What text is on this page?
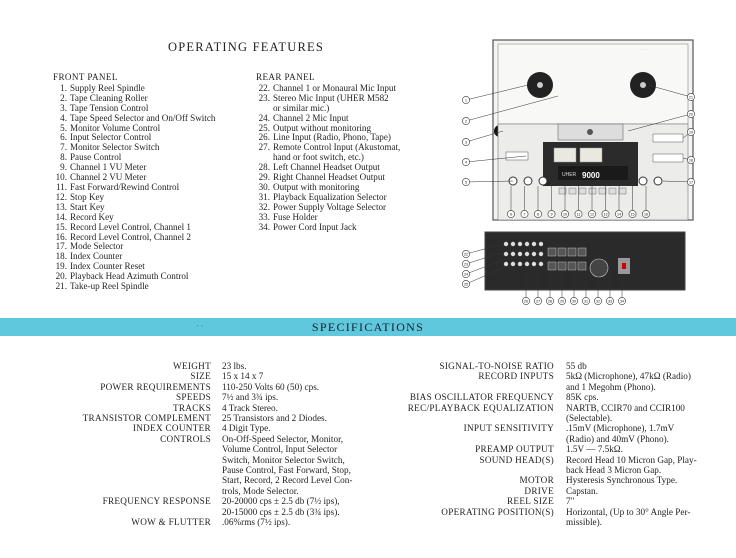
OPERATING FEATURES
FRONT PANEL
1. Supply Reel Spindle
2. Tape Cleaning Roller
3. Tape Tension Control
4. Tape Speed Selector and On/Off Switch
5. Monitor Volume Control
6. Input Selector Control
7. Monitor Selector Switch
8. Pause Control
9. Channel 1 VU Meter
10. Channel 2 VU Meter
11. Fast Forward/Rewind Control
12. Stop Key
13. Start Key
14. Record Key
15. Record Level Control, Channel 1
16. Record Level Control, Channel 2
17. Mode Selector
18. Index Counter
19. Index Counter Reset
20. Playback Head Azimuth Control
21. Take-up Reel Spindle
REAR PANEL
22. Channel 1 or Monaural Mic Input
23. Stereo Mic Input (UHER M582
or similar mic.)
24. Channel 2 Mic Input
25. Output without monitoring
26. Line Input (Radio, Phono, Tape)
27. Remote Control Input (Akustomat,
hand or foot switch, etc.)
28. Left Channel Headset Output
29. Right Channel Headset Output
30. Output with monitoring
31. Playback Equalization Selector
32. Power Supply Voltage Selector
33. Fuse Holder
34. Power Cord Input Jack
· · · · · ·
UHER 9000
1
2
3
4
5
6	7	8	9	10	11	12	13	14	15	16
21
20
19
18
17
22
23
24
25
26 27 28 29 30 31 32 33 34
· ·	SPECIFICATIONS
WEIGHT 23 lbs.
SIZE 15 x 14 x 7
POWER REQUIREMENTS 110-250 Volts 60 (50) cps.
SPEEDS 7½ and 3¾ ips.
TRACKS 4 Track Stereo.
TRANSISTOR COMPLEMENT 25 Transistors and 2 Diodes.
INDEX COUNTER 4 Digit Type.
CONTROLS On-Off-Speed Selector, Monitor,
Volume Control, Input Selector
Switch, Monitor Selector Switch,
Pause Control, Fast Forward, Stop,
Start, Record, 2 Record Level Con-
trols, Mode Selector.
FREQUENCY RESPONSE 20-20000 cps ± 2.5 db (7½ ips),
20-15000 cps ± 2.5 db (3¾ ips).
WOW & FLUTTER .06%rms (7½ ips).
SIGNAL-TO-NOISE RATIO 55 db
RECORD INPUTS 5kΩ (Microphone), 47kΩ (Radio)
and 1 Megohm (Phono).
BIAS OSCILLATOR FREQUENCY 85K cps.
REC/PLAYBACK EQUALIZATION NARTB, CCIR70 and CCIR100
(Selectable).
INPUT SENSITIVITY .15mV (Microphone), 1.7mV
(Radio) and 40mV (Phono).
PREAMP OUTPUT 1.5V — 7.5kΩ.
SOUND HEAD(S) Record Head 10 Micron Gap, Play-
back Head 3 Micron Gap.
MOTOR Hysteresis Synchronous Type.
DRIVE Capstan.
REEL SIZE 7"
OPERATING POSITION(S) Horizontal, (Up to 30° Angle Per-
missible).
